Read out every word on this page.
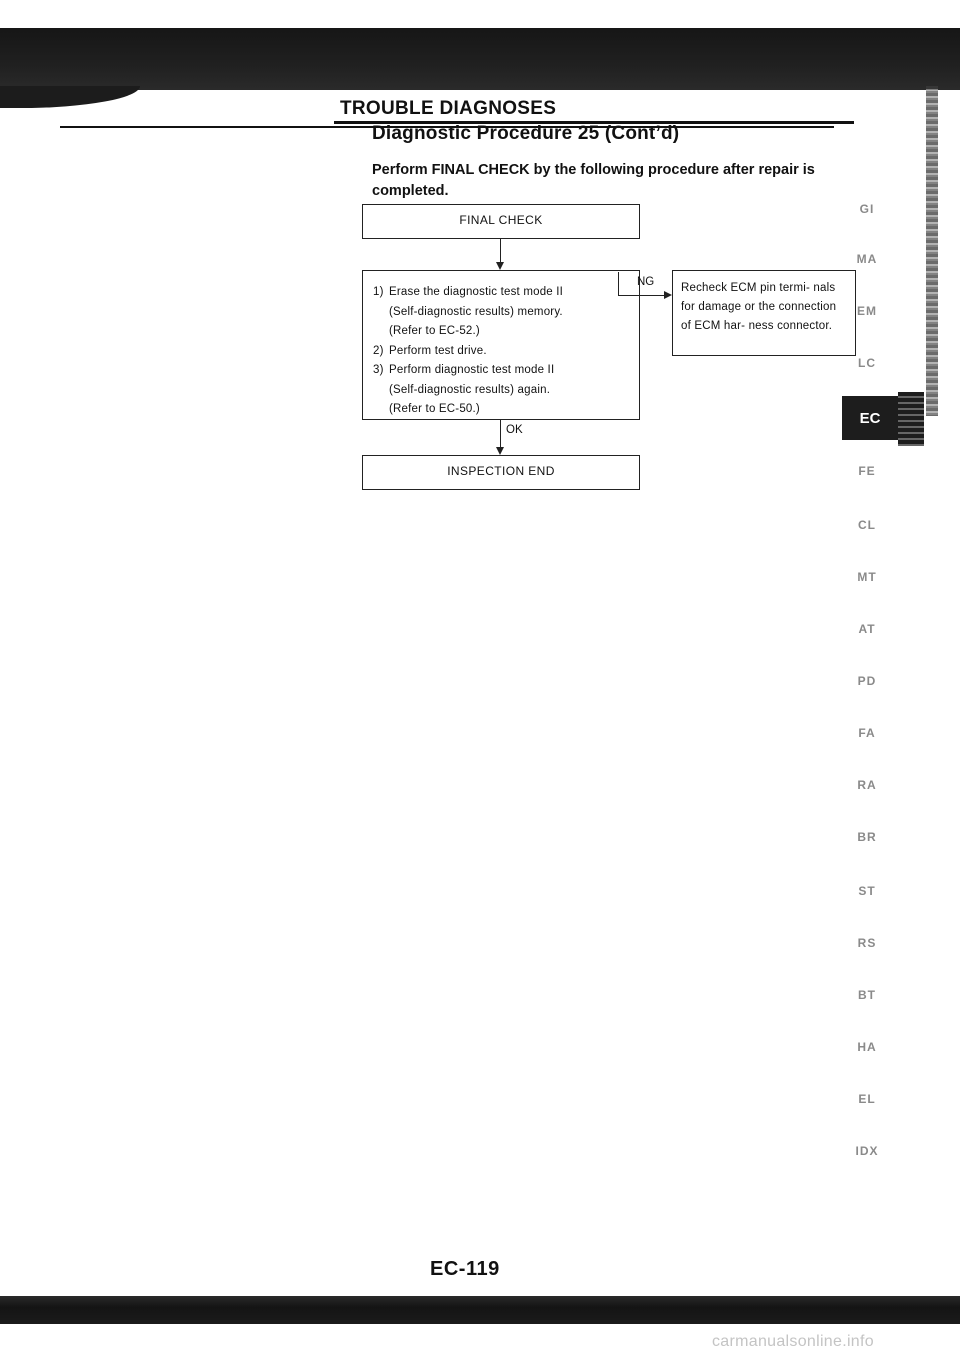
TROUBLE DIAGNOSES
Diagnostic Procedure 25 (Cont’d)
Perform FINAL CHECK by the following procedure after repair is completed.
FINAL CHECK
1) Erase the diagnostic test mode II
(Self-diagnostic results) memory.
(Refer to EC-52.)
2) Perform test drive.
3) Perform diagnostic test mode II
(Self-diagnostic results) again.
(Refer to EC-50.)
NG	Recheck ECM pin termi- nals for damage or the connection of ECM har- ness connector.
OK
INSPECTION END
GI
MA
EM
LC
EC
FE
CL
MT
AT
PD
FA
RA
BR
ST
RS
BT
HA
EL
IDX
EC-119
carmanualsonline.info
